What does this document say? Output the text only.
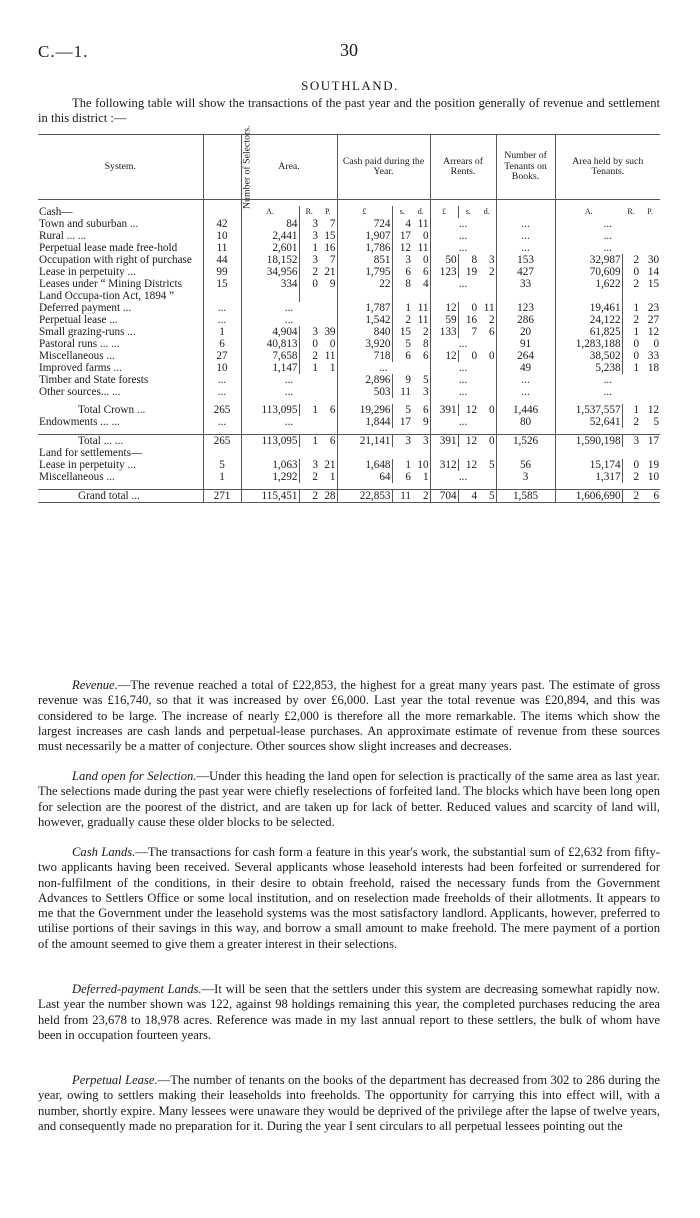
C.—1.	30
SOUTHLAND.
The following table will show the transactions of the past year and the position generally of revenue and settlement in this district :—
System.	Number of Selectors.	Area.			Cash paid during the Year.			Arrears of Rents.			Number of Tenants on Books.	Area held by such Tenants.		

Cash—		A.	R.	P.	£	s.	d.	£	s.	d.		A.	R.	P.
Town and suburban ...	42	84	3	7	724	4	11	...			...	...		
Rural ... ...	10	2,441	3	15	1,907	17	0	...			...	...		
Perpetual lease made free-hold	11	2,601	1	16	1,786	12	11	...			...	...		
Occupation with right of purchase	44	18,152	3	7	851	3	0	50	8	3	153	32,987	2	30
Lease in perpetuity ...	99	34,956	2	21	1,795	6	6	123	19	2	427	70,609	0	14
Leases under “ Mining Districts Land Occupa-tion Act, 1894 ”	15	334	0	9	22	8	4	...			33	1,622	2	15
Deferred payment ...	...	...			1,787	1	11	12	0	11	123	19,461	1	23
Perpetual lease ...	...	...			1,542	2	11	59	16	2	286	24,122	2	27
Small grazing-runs ...	1	4,904	3	39	840	15	2	133	7	6	20	61,825	1	12
Pastoral runs ... ...	6	40,813	0	0	3,920	5	8	...			91	1,283,188	0	0
Miscellaneous ...	27	7,658	2	11	718	6	6	12	0	0	264	38,502	0	33
Improved farms ...	10	1,147	1	1	...			...			49	5,238	1	18
Timber and State forests	...	...			2,896	9	5	...			...	...		
Other sources... ...	...	...			503	11	3	...			...	...		

Total Crown ...	265	113,095	1	6	19,296	5	6	391	12	0	1,446	1,537,557	1	12
Endowments ... ...	...	...			1,844	17	9	...			80	52,641	2	5

Total ... ...	265	113,095	1	6	21,141	3	3	391	12	0	1,526	1,590,198	3	17
Land for settlements—														
Lease in perpetuity ...	5	1,063	3	21	1,648	1	10	312	12	5	56	15,174	0	19
Miscellaneous ...	1	1,292	2	1	64	6	1	...			3	1,317	2	10

Grand total ...	271	115,451	2	28	22,853	11	2	704	4	5	1,585	1,606,690	2	6

Revenue.—The revenue reached a total of £22,853, the highest for a great many years past. The estimate of gross revenue was £16,740, so that it was increased by over £6,000. Last year the total revenue was £20,894, and this was considered to be large. The increase of nearly £2,000 is therefore all the more remarkable. The items which show the largest increases are cash lands and perpetual-lease purchases. An approximate estimate of revenue from these sources must necessarily be a matter of conjecture. Other sources show slight increases and decreases.

Land open for Selection.—Under this heading the land open for selection is practically of the same area as last year. The selections made during the past year were chiefly reselections of forfeited land. The blocks which have been long open for selection are the poorest of the district, and are taken up for lack of better. Reduced values and scarcity of land will, however, gradually cause these older blocks to be selected.

Cash Lands.—The transactions for cash form a feature in this year's work, the substantial sum of £2,632 from fifty-two applicants having been received. Several applicants whose leasehold interests had been forfeited or surrendered for non-fulfilment of the conditions, in their desire to obtain freehold, raised the necessary funds from the Government Advances to Settlers Office or some local institution, and on reselection made freeholds of their allotments. It appears to me that the Government under the leasehold systems was the most satisfactory landlord. Applicants, however, preferred to utilise portions of their savings in this way, and borrow a small amount to make freehold. The mere payment of a portion of the amount seemed to give them a greater interest in their selections.

Deferred-payment Lands.—It will be seen that the settlers under this system are decreasing somewhat rapidly now. Last year the number shown was 122, against 98 holdings remaining this year, the completed purchases reducing the area held from 23,678 to 18,978 acres. Reference was made in my last annual report to these settlers, the bulk of whom have been in occupation fourteen years.

Perpetual Lease.—The number of tenants on the books of the department has decreased from 302 to 286 during the year, owing to settlers making their leaseholds into freeholds. The opportunity for carrying this into effect will, with a number, shortly expire. Many lessees were unaware they would be deprived of the privilege after the lapse of twelve years, and consequently made no preparation for it. During the year I sent circulars to all perpetual lessees pointing out the
